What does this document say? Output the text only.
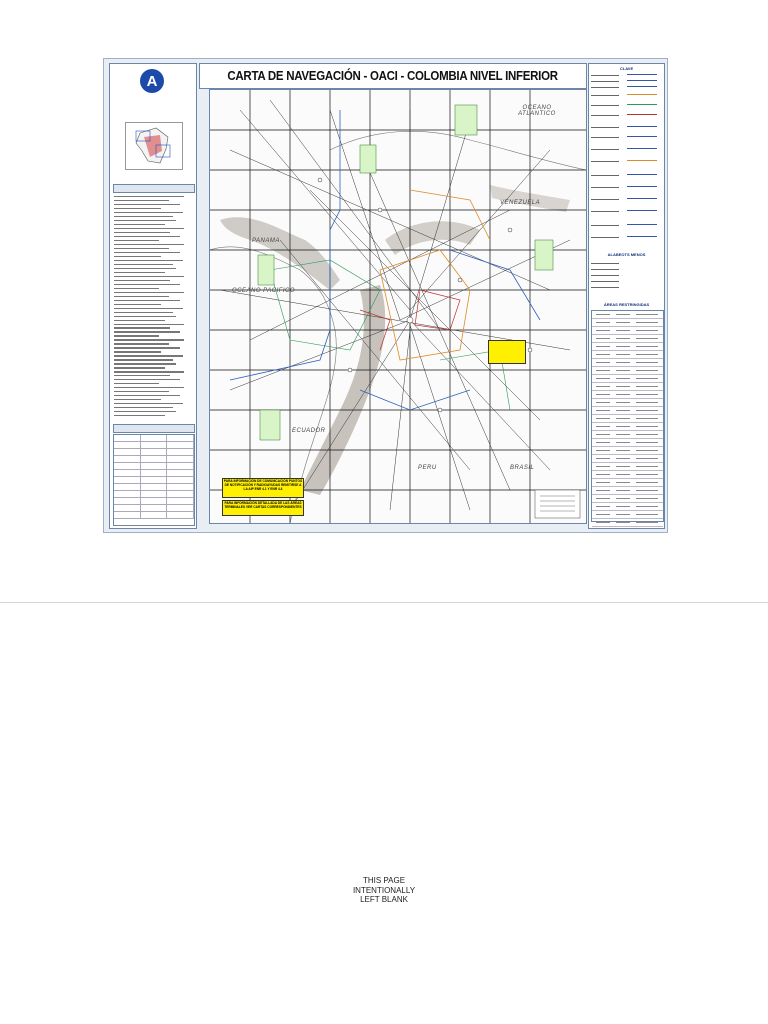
A	CARTA DE NAVEGACIÓN - OACI - COLOMBIA NIVEL INFERIOR
OCEANO ATLANTICO
VENEZUELA
PANAMA
OCEANO PACIFICO
ECUADOR
PERU	BRASIL
PARA INFORMACIÓN DE COMUNICACIÓN PUNTOS DE NOTIFICACIÓN Y RADIOAYUDAS REMITIRSE A LA AIP ENR 4.1 Y ENR 4.4
PARA INFORMACIÓN DETALLADA DE LAS ÁREAS TERMINALES VER CARTAS CORRESPONDIENTES
CLAVE
ALABEOTS MENOS
ÁREAS RESTRINGIDAS
THIS PAGE
INTENTIONALLY
LEFT BLANK
